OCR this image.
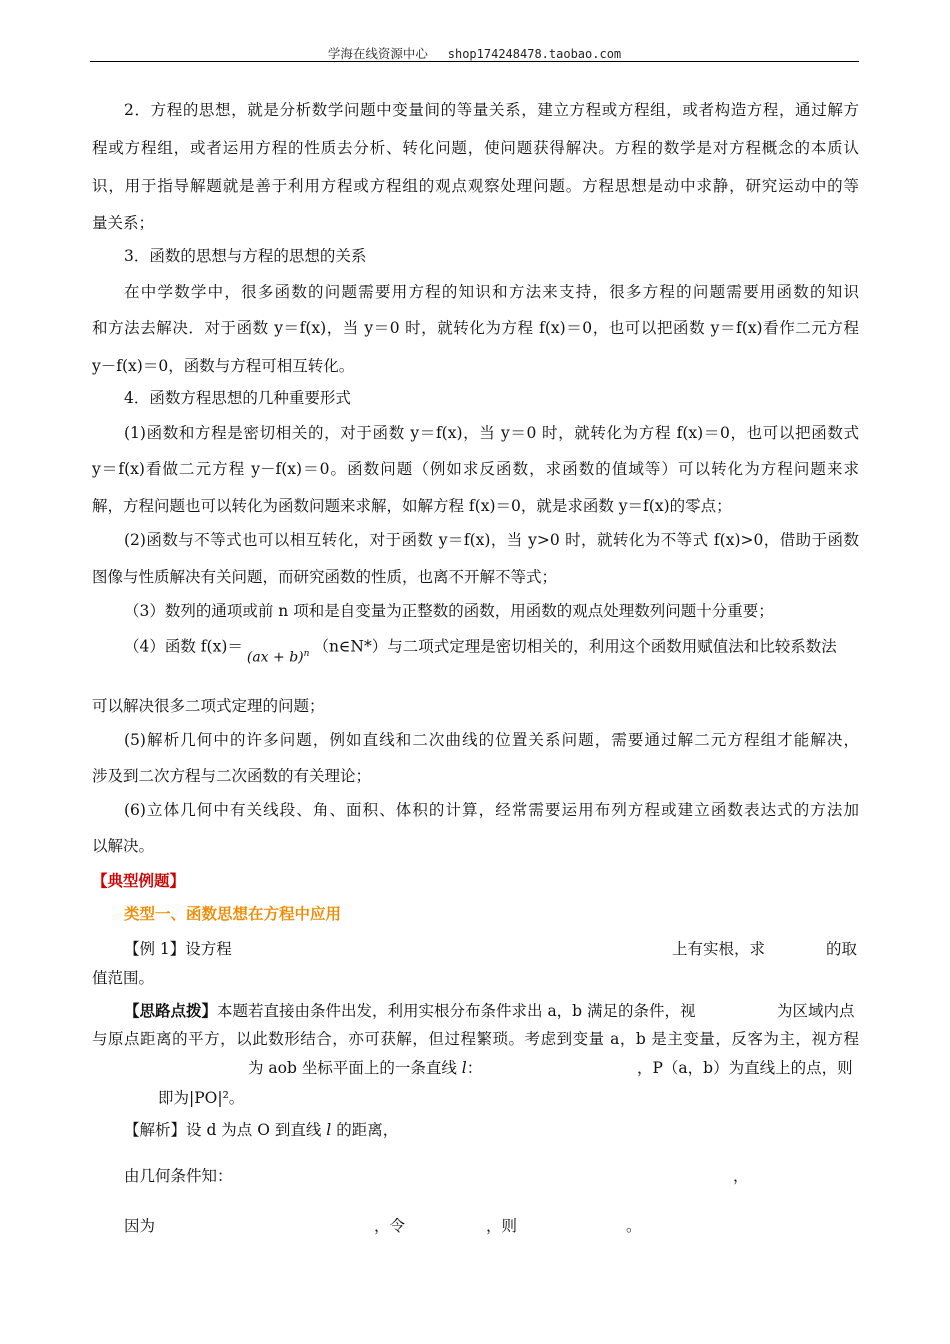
学海在线资源中心 shop174248478.taobao.com
2．方程的思想，就是分析数学问题中变量间的等量关系，建立方程或方程组，或者构造方程，通过解方
程或方程组，或者运用方程的性质去分析、转化问题，使问题获得解决。方程的数学是对方程概念的本质认
识，用于指导解题就是善于利用方程或方程组的观点观察处理问题。方程思想是动中求静，研究运动中的等
量关系；
3．函数的思想与方程的思想的关系
在中学数学中，很多函数的问题需要用方程的知识和方法来支持，很多方程的问题需要用函数的知识
和方法去解决．对于函数 y＝f(x)，当 y＝0 时，就转化为方程 f(x)＝0，也可以把函数 y＝f(x)看作二元方程
y－f(x)＝0，函数与方程可相互转化。
4．函数方程思想的几种重要形式
(1)函数和方程是密切相关的，对于函数 y＝f(x)，当 y＝0 时，就转化为方程 f(x)＝0，也可以把函数式
y＝f(x)看做二元方程 y－f(x)＝0。函数问题（例如求反函数，求函数的值域等）可以转化为方程问题来求
解，方程问题也可以转化为函数问题来求解，如解方程 f(x)＝0，就是求函数 y＝f(x)的零点；
(2)函数与不等式也可以相互转化，对于函数 y＝f(x)，当 y>0 时，就转化为不等式 f(x)>0，借助于函数
图像与性质解决有关问题，而研究函数的性质，也离不开解不等式；
（3）数列的通项或前 n 项和是自变量为正整数的函数，用函数的观点处理数列问题十分重要；
（4）函数 f(x)＝(ax + b)$^n$ （n∈N*）与二项式定理是密切相关的，利用这个函数用赋值法和比较系数法
可以解决很多二项式定理的问题；
(5)解析几何中的许多问题，例如直线和二次曲线的位置关系问题，需要通过解二元方程组才能解决，
涉及到二次方程与二次函数的有关理论；
(6)立体几何中有关线段、角、面积、体积的计算，经常需要运用布列方程或建立函数表达式的方法加
以解决。
【典型例题】
类型一、函数思想在方程中应用
【例 1】设方程	上有实根，求	的取
值范围。
【思路点拨】本题若直接由条件出发，利用实根分布条件求出 a，b 满足的条件，视	为区域内点
与原点距离的平方，以此数形结合，亦可获解，但过程繁琐。考虑到变量 a，b 是主变量，反客为主，视方程
为 aob 坐标平面上的一条直线 l：	，P（a，b）为直线上的点，则
即为|PO|²。
【解析】设 d 为点 O 到直线 l 的距离，
由几何条件知：	，
因为	，令	，则	。
